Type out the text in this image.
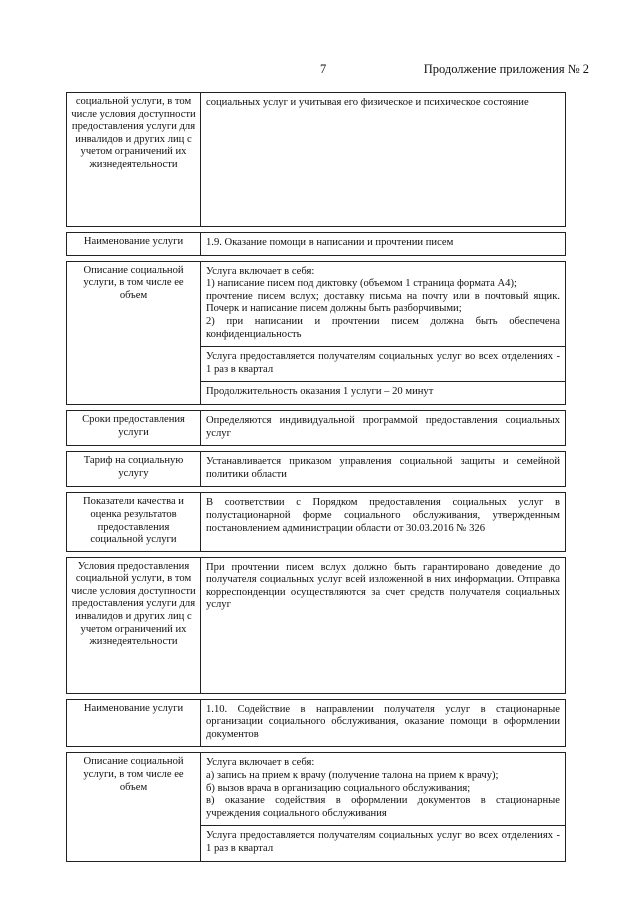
7	Продолжение приложения № 2
социальной услуги, в том числе условия доступности предоставления услуги для инвалидов и других лиц с учетом ограничений их жизнедеятельности	социальных услуг и учитывая его физическое и психическое состояние

Наименование услуги	1.9. Оказание помощи в написании и прочтении писем

Описание социальной услуги, в том числе ее объем	Услуга включает в себя:
1) написание писем под диктовку (объемом 1 страница формата А4);
прочтение писем вслух; доставку письма на почту или в почтовый ящик. Почерк и написание писем должны быть разборчивыми;
2) при написании и прочтении писем должна быть обеспечена конфиденциальность

	Услуга предоставляется получателям социальных услуг во всех отделениях - 1 раз в квартал

	Продолжительность оказания 1 услуги – 20 минут

Сроки предоставления услуги	Определяются индивидуальной программой предоставления социальных услуг

Тариф на социальную услугу	Устанавливается приказом управления социальной защиты и семейной политики области

Показатели качества и оценка результатов предоставления социальной услуги	В соответствии с Порядком предоставления социальных услуг в полустационарной форме социального обслуживания, утвержденным постановлением администрации области от 30.03.2016 № 326

Условия предоставления социальной услуги, в том числе условия доступности предоставления услуги для инвалидов и других лиц с учетом ограничений их жизнедеятельности	При прочтении писем вслух должно быть гарантировано доведение до получателя социальных услуг всей изложенной в них информации. Отправка корреспонденции осуществляются за счет средств получателя социальных услуг

Наименование услуги	1.10. Содействие в направлении получателя услуг в стационарные организации социального обслуживания, оказание помощи в оформлении документов

Описание социальной услуги, в том числе ее объем	Услуга включает в себя:
а) запись на прием к врачу (получение талона на прием к врачу);
б) вызов врача в организацию социального обслуживания;
в) оказание содействия в оформлении документов в стационарные учреждения социального обслуживания

	Услуга предоставляется получателям социальных услуг во всех отделениях - 1 раз в квартал
